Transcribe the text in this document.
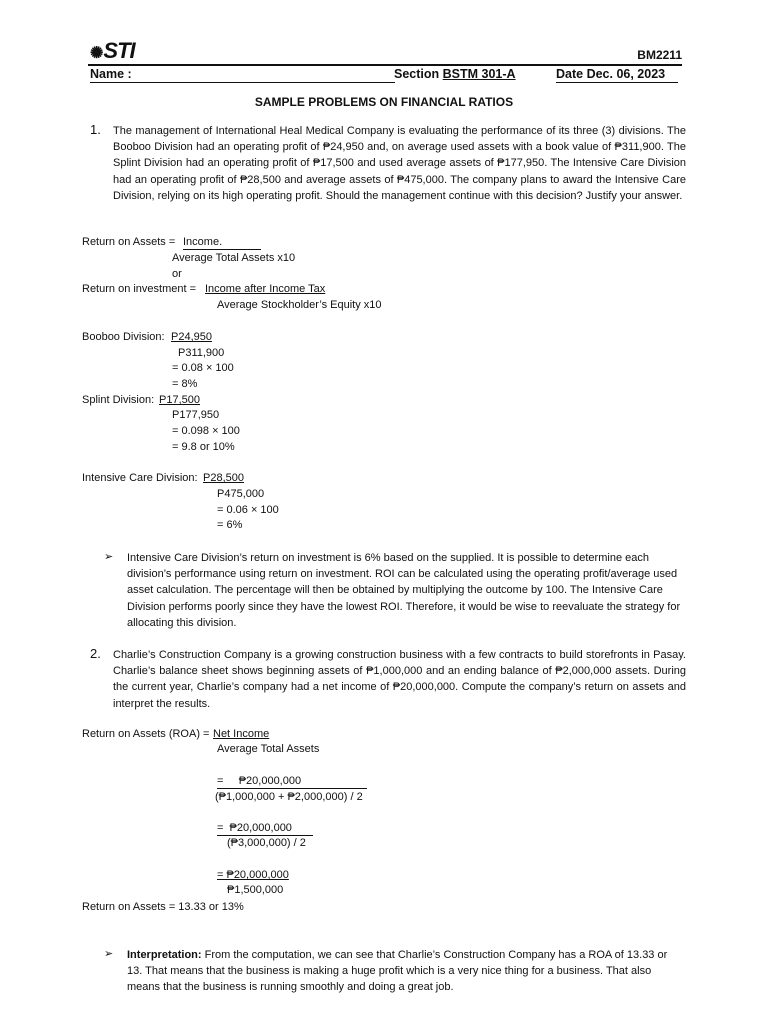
✺STI	BM2211
Name :	Section BSTM 301-A	Date Dec. 06, 2023
SAMPLE PROBLEMS ON FINANCIAL RATIOS
1. The management of International Heal Medical Company is evaluating the performance of its three (3) divisions. The Booboo Division had an operating profit of ₱24,950 and, on average used assets with a book value of ₱311,900. The Splint Division had an operating profit of ₱17,500 and used average assets of ₱177,950. The Intensive Care Division had an operating profit of ₱28,500 and average assets of ₱475,000. The company plans to award the Intensive Care Division, relying on its high operating profit. Should the management continue with this decision? Justify your answer.
Return on Assets = Income.
Average Total Assets x10
or
Return on investment = Income after Income Tax
Average Stockholder’s Equity x10
Booboo Division: P24,950
P311,900
= 0.08 × 100
= 8%
Splint Division: P17,500
P177,950
= 0.098 × 100
= 9.8 or 10%
Intensive Care Division: P28,500
P475,000
= 0.06 × 100
= 6%
➢ Intensive Care Division’s return on investment is 6% based on the supplied. It is possible to determine each division’s performance using return on investment. ROI can be calculated using the operating profit/average used asset calculation. The percentage will then be obtained by multiplying the outcome by 100. The Intensive Care Division performs poorly since they have the lowest ROI. Therefore, it would be wise to reevaluate the strategy for allocating this division.
2. Charlie’s Construction Company is a growing construction business with a few contracts to build storefronts in Pasay. Charlie’s balance sheet shows beginning assets of ₱1,000,000 and an ending balance of ₱2,000,000 assets. During the current year, Charlie’s company had a net income of ₱20,000,000. Compute the company’s return on assets and interpret the results.
Return on Assets (ROA) = Net Income
Average Total Assets
=     ₱20,000,000
(₱1,000,000 + ₱2,000,000) / 2
=  ₱20,000,000
(₱3,000,000) / 2
= ₱20,000,000
₱1,500,000
Return on Assets = 13.33 or 13%
➢ Interpretation: From the computation, we can see that Charlie’s Construction Company has a ROA of 13.33 or 13. That means that the business is making a huge profit which is a very nice thing for a business. That also means that the business is running smoothly and doing a great job.
